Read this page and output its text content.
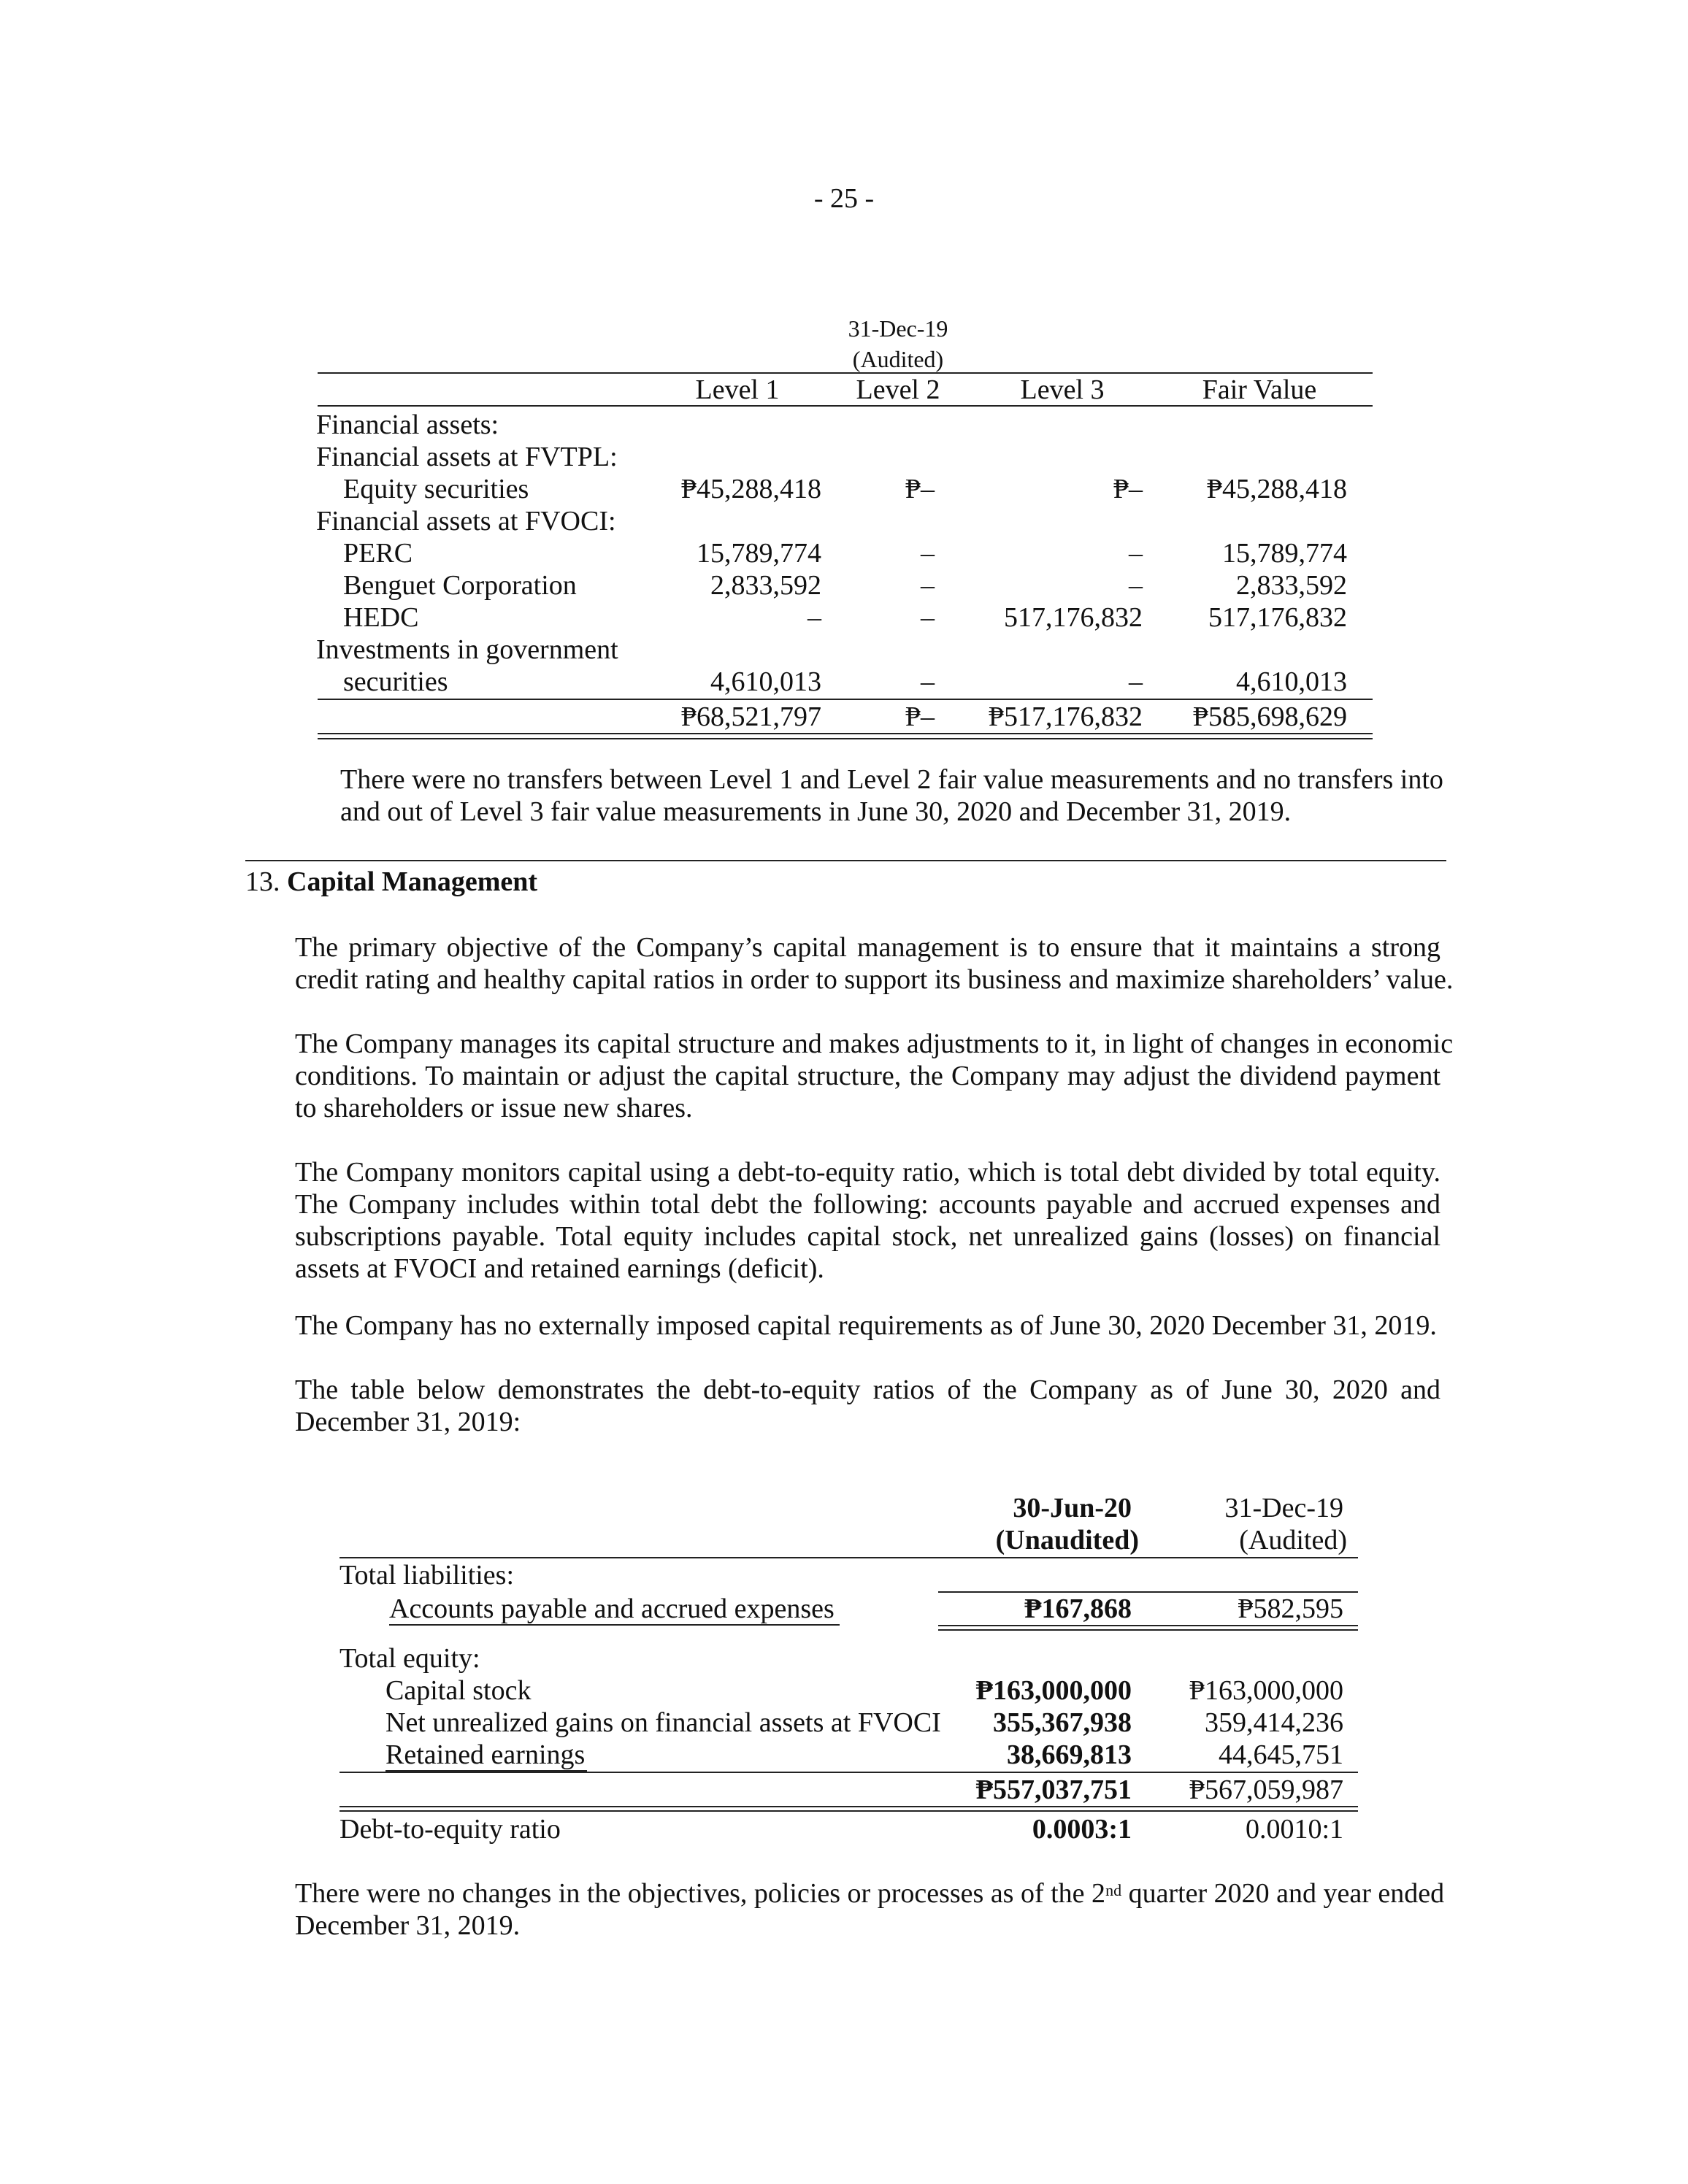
- 25 -
31-Dec-19
(Audited)
Level 1	Level 2	Level 3	Fair Value
Financial assets:
Financial assets at FVTPL:
Equity securities	₱45,288,418	₱–	₱–	₱45,288,418
Financial assets at FVOCI:
PERC	15,789,774	–	–	15,789,774
Benguet Corporation	2,833,592	–	–	2,833,592
HEDC	–	–	517,176,832	517,176,832
Investments in government
securities	4,610,013	–	–	4,610,013
₱68,521,797	₱–	₱517,176,832	₱585,698,629
There were no transfers between Level 1 and Level 2 fair value measurements and no transfers into
and out of Level 3 fair value measurements in June 30, 2020 and December 31, 2019.
13. Capital Management
The primary objective of the Company’s capital management is to ensure that it maintains a strong
credit rating and healthy capital ratios in order to support its business and maximize shareholders’ value.
The Company manages its capital structure and makes adjustments to it, in light of changes in economic
conditions. To maintain or adjust the capital structure, the Company may adjust the dividend payment
to shareholders or issue new shares.
The Company monitors capital using a debt-to-equity ratio, which is total debt divided by total equity.
The Company includes within total debt the following: accounts payable and accrued expenses and
subscriptions payable. Total equity includes capital stock, net unrealized gains (losses) on financial
assets at FVOCI and retained earnings (deficit).
The Company has no externally imposed capital requirements as of June 30, 2020 December 31, 2019.
The table below demonstrates the debt-to-equity ratios of the Company as of June 30, 2020 and
December 31, 2019:
30-Jun-20
(Unaudited)
31-Dec-19
(Audited)
Total liabilities:
Accounts payable and accrued expenses	₱167,868	₱582,595
Total equity:
Capital stock	₱163,000,000	₱163,000,000
Net unrealized gains on financial assets at FVOCI	355,367,938	359,414,236
Retained earnings	38,669,813	44,645,751
₱557,037,751	₱567,059,987
Debt-to-equity ratio	0.0003:1	0.0010:1
There were no changes in the objectives, policies or processes as of the 2nd quarter 2020 and year ended
December 31, 2019.
